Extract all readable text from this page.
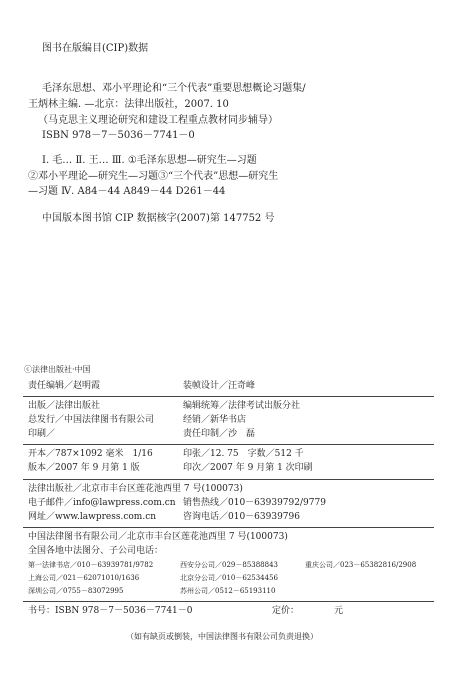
图书在版编目(CIP)数据
毛泽东思想、邓小平理论和“三个代表”重要思想概论习题集/
王炳林主编. —北京：法律出版社，2007. 10
（马克思主义理论研究和建设工程重点教材同步辅导）
ISBN 978－7－5036－7741－0
Ⅰ. 毛… Ⅱ. 王… Ⅲ. ①毛泽东思想—研究生—习题
②邓小平理论—研究生—习题③“三个代表”思想—研究生
—习题 Ⅳ. A84－44 A849－44 D261－44
中国版本图书馆 CIP 数据核字(2007)第 147752 号
ⓒ法律出版社·中国
责任编辑／赵明霞	装帧设计／汪奇峰
出版／法律出版社	编辑统筹／法律考试出版分社
总发行／中国法律图书有限公司	经销／新华书店
印刷／	责任印制／沙　磊
开本／787×1092 毫米　1/16	印张／12. 75　字数／512 千
版本／2007 年 9 月第 1 版	印次／2007 年 9 月第 1 次印刷
法律出版社／北京市丰台区莲花池西里 7 号(100073)
电子邮件／info@lawpress.com.cn 销售热线／010－63939792/9779
网址／www.lawpress.com.cn	咨询电话／010－63939796
中国法律图书有限公司／北京市丰台区莲花池西里 7 号(100073)
全国各地中法图分、子公司电话：
第一法律书店／010－63939781/9782	西安分公司／029－85388843	重庆公司／023－65382816/2908
上海公司／021－62071010/1636	北京分公司／010－62534456
深圳公司／0755－83072995	苏州公司／0512－65193110
书号：ISBN 978－7－5036－7741－0	定价：	元
（如有缺页或倒装，中国法律图书有限公司负责退换）
